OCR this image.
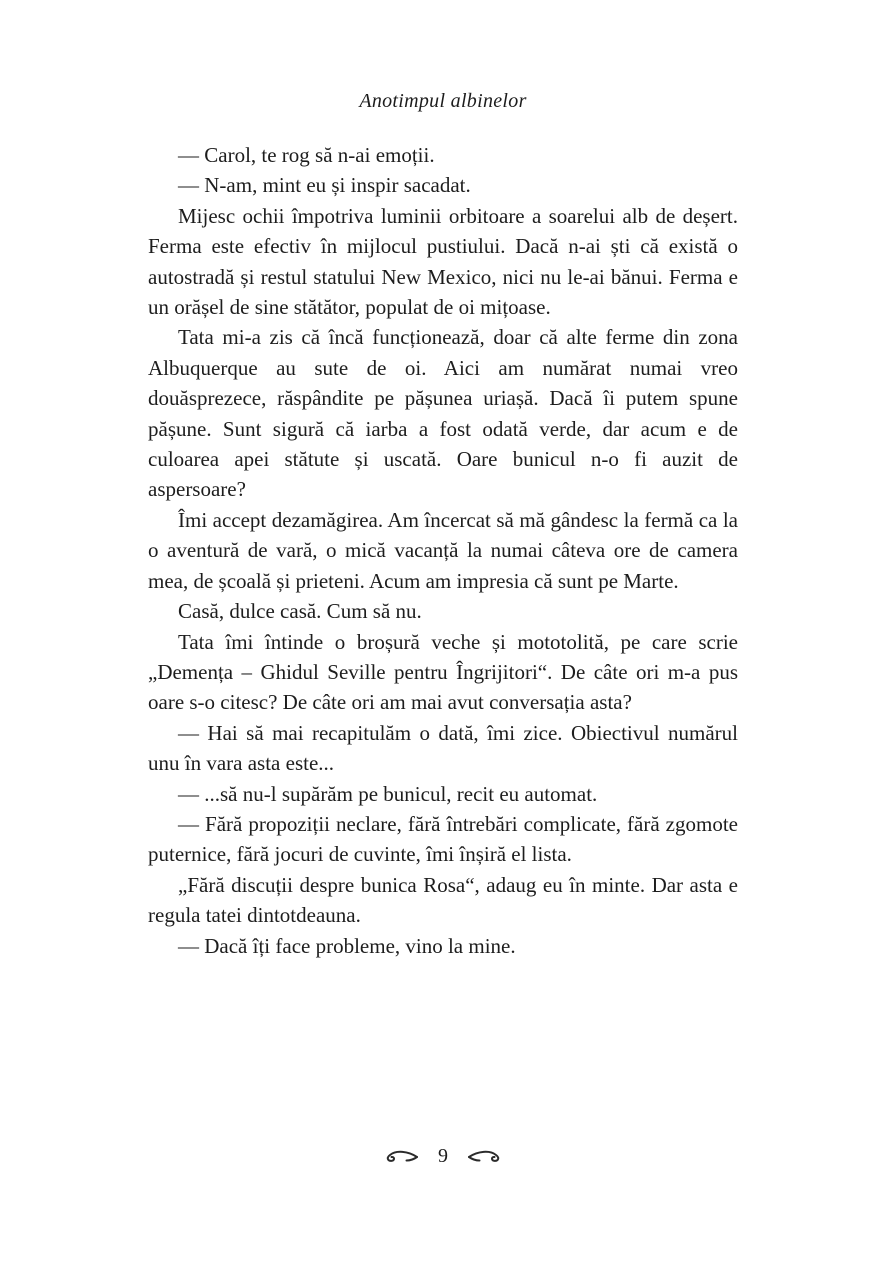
Anotimpul albinelor

— Carol, te rog să n-ai emoții.

— N-am, mint eu și inspir sacadat.

Mijesc ochii împotriva luminii orbitoare a soarelui alb de deșert. Ferma este efectiv în mijlocul pustiului. Dacă n-ai ști că există o autostradă și restul statului New Mexico, nici nu le-ai bănui. Ferma e un orășel de sine stătător, populat de oi mițoase.

Tata mi-a zis că încă funcționează, doar că alte ferme din zona Albuquerque au sute de oi. Aici am numărat numai vreo douăsprezece, răspândite pe pășunea uriașă. Dacă îi putem spune pășune. Sunt sigură că iarba a fost odată verde, dar acum e de culoarea apei stătute și uscată. Oare bunicul n-o fi auzit de aspersoare?

Îmi accept dezamăgirea. Am încercat să mă gândesc la fermă ca la o aventură de vară, o mică vacanță la numai câteva ore de camera mea, de școală și prieteni. Acum am impresia că sunt pe Marte.

Casă, dulce casă. Cum să nu.

Tata îmi întinde o broșură veche și mototolită, pe care scrie „Demența – Ghidul Seville pentru Îngrijitori“. De câte ori m-a pus oare s-o citesc? De câte ori am mai avut conversația asta?

— Hai să mai recapitulăm o dată, îmi zice. Obiectivul numărul unu în vara asta este...

— ...să nu-l supărăm pe bunicul, recit eu automat.

— Fără propoziții neclare, fără întrebări complicate, fără zgomote puternice, fără jocuri de cuvinte, îmi înșiră el lista.

„Fără discuții despre bunica Rosa“, adaug eu în minte. Dar asta e regula tatei dintotdeauna.

— Dacă îți face probleme, vino la mine.

9
